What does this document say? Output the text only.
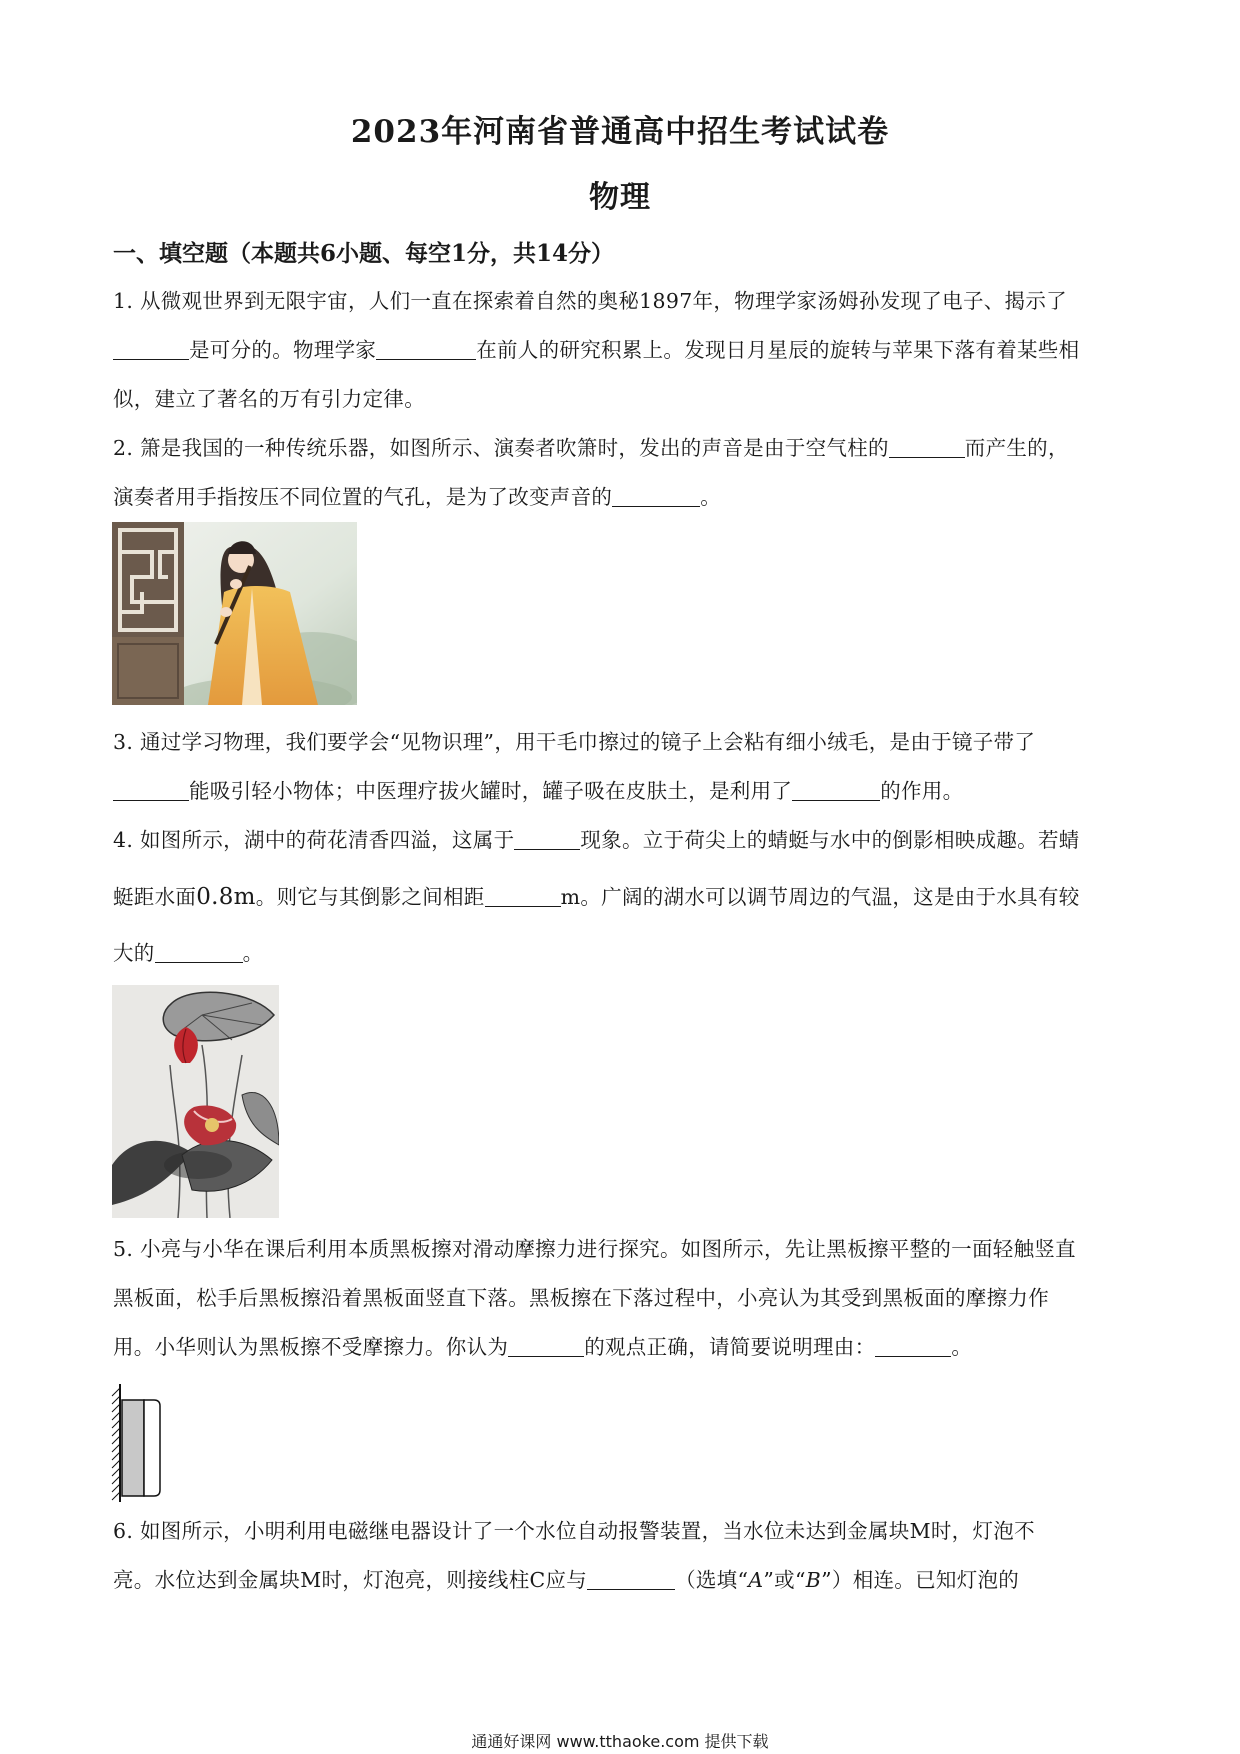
2023年河南省普通高中招生考试试卷
物理
一、填空题（本题共6小题、每空1分，共14分）
1. 从微观世界到无限宇宙，人们一直在探索着自然的奥秘1897年，物理学家汤姆孙发现了电子、揭示了
是可分的。物理学家	在前人的研究积累上。发现日月星辰的旋转与苹果下落有着某些相
似，建立了著名的万有引力定律。
2. 箫是我国的一种传统乐器，如图所示、演奏者吹箫时，发出的声音是由于空气柱的	而产生的，
演奏者用手指按压不同位置的气孔，是为了改变声音的	。
3. 通过学习物理，我们要学会“见物识理”，用干毛巾擦过的镜子上会粘有细小绒毛，是由于镜子带了
能吸引轻小物体；中医理疗拔火罐时，罐子吸在皮肤土，是利用了	的作用。
4. 如图所示，湖中的荷花清香四溢，这属于	现象。立于荷尖上的蜻蜓与水中的倒影相映成趣。若蜻
蜓距水面0.8m。则它与其倒影之间相距	m。广阔的湖水可以调节周边的气温，这是由于水具有较
大的	。
5. 小亮与小华在课后利用本质黑板擦对滑动摩擦力进行探究。如图所示，先让黑板擦平整的一面轻触竖直
黑板面，松手后黑板擦沿着黑板面竖直下落。黑板擦在下落过程中，小亮认为其受到黑板面的摩擦力作
用。小华则认为黑板擦不受摩擦力。你认为	的观点正确，请简要说明理由：	。
6. 如图所示，小明利用电磁继电器设计了一个水位自动报警装置，当水位未达到金属块M时，灯泡不
亮。水位达到金属块M时，灯泡亮，则接线柱C应与	（选填“A”或“B”）相连。已知灯泡的
通通好课网 www.tthaoke.com 提供下载
